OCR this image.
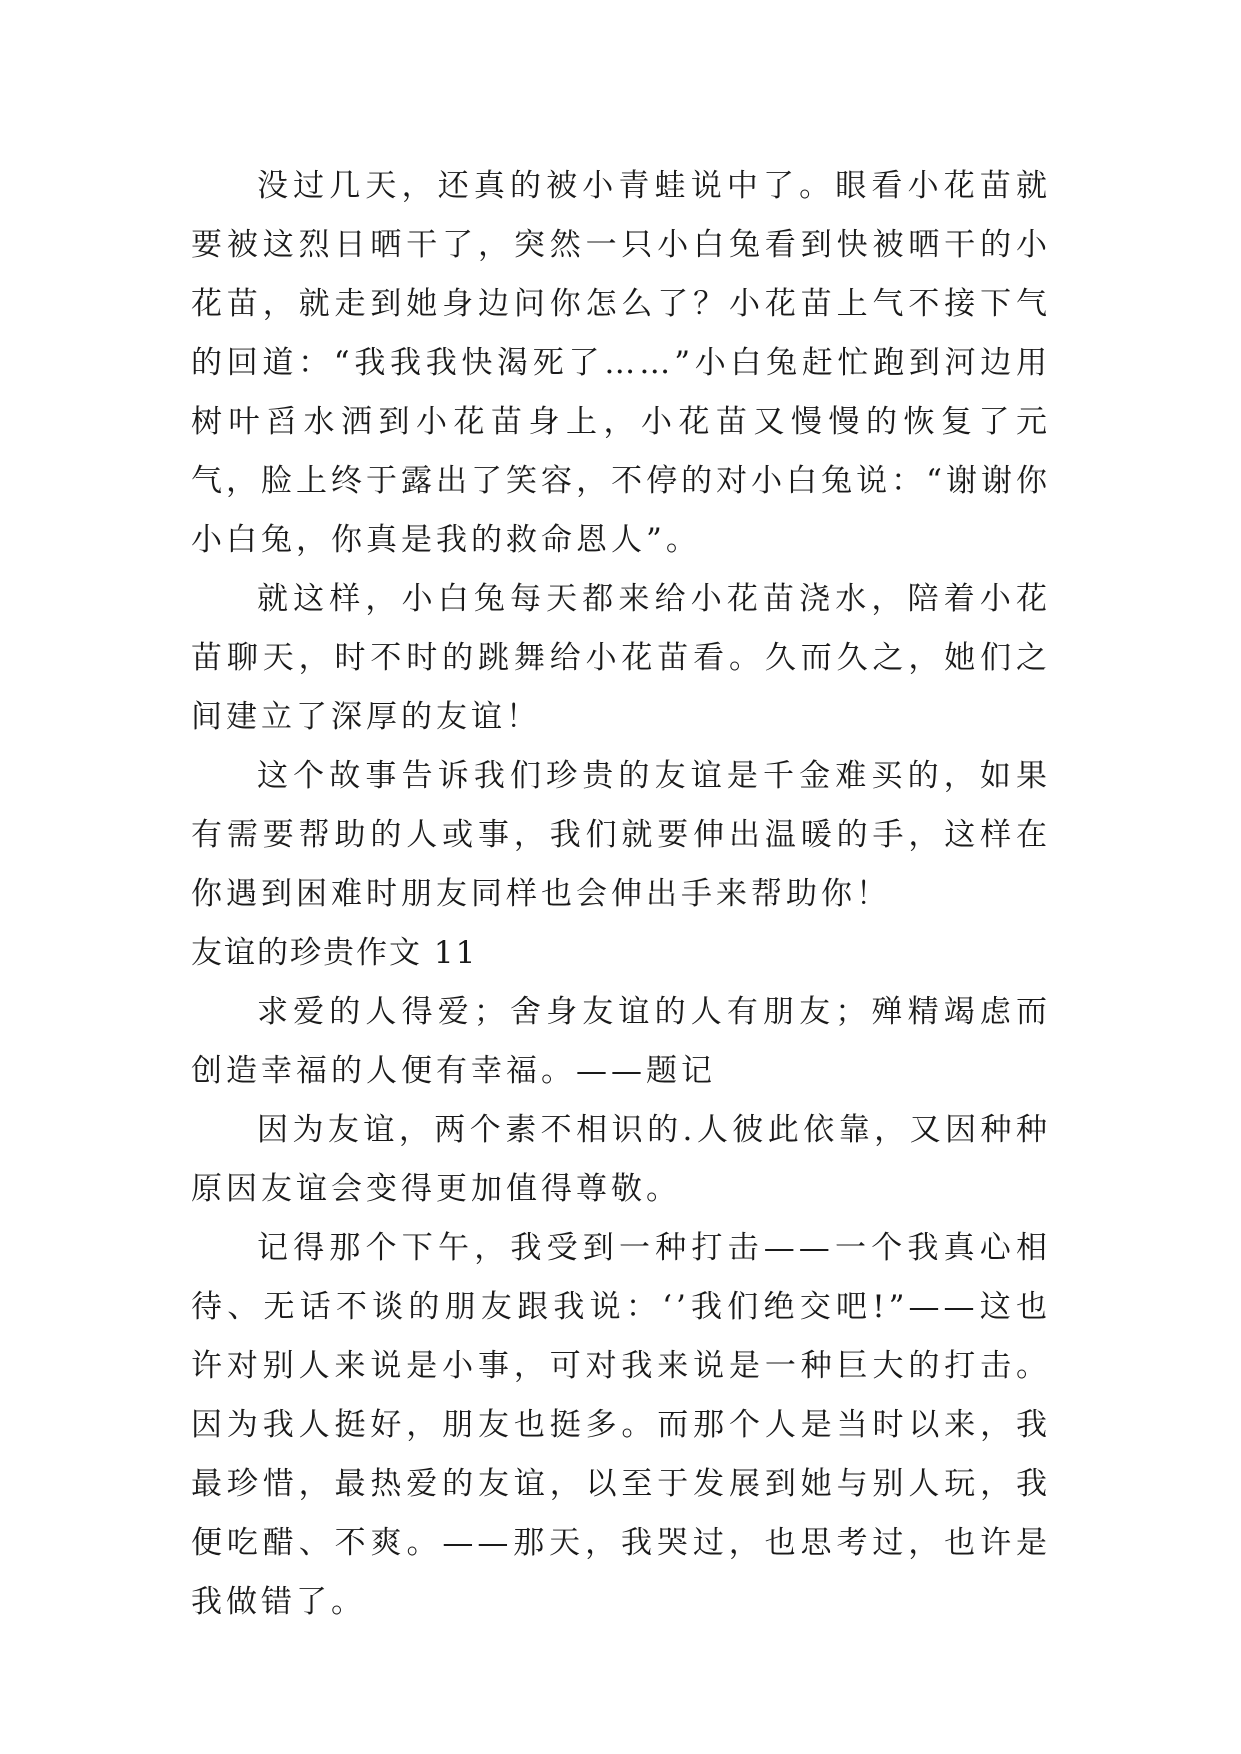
没过几天，还真的被小青蛙说中了。眼看小花苗就要被这烈日晒干了，突然一只小白兔看到快被晒干的小花苗，就走到她身边问你怎么了？小花苗上气不接下气的回道：“我我我快渴死了……”小白兔赶忙跑到河边用树叶舀水洒到小花苗身上，小花苗又慢慢的恢复了元气，脸上终于露出了笑容，不停的对小白兔说：“谢谢你小白兔，你真是我的救命恩人”。

就这样，小白兔每天都来给小花苗浇水，陪着小花苗聊天，时不时的跳舞给小花苗看。久而久之，她们之间建立了深厚的友谊！

这个故事告诉我们珍贵的友谊是千金难买的，如果有需要帮助的人或事，我们就要伸出温暖的手，这样在你遇到困难时朋友同样也会伸出手来帮助你！

友谊的珍贵作文 11

求爱的人得爱；舍身友谊的人有朋友；殚精竭虑而创造幸福的人便有幸福。——题记

因为友谊，两个素不相识的.人彼此依靠，又因种种原因友谊会变得更加值得尊敬。

记得那个下午，我受到一种打击——一个我真心相待、无话不谈的朋友跟我说：‘’我们绝交吧!”——这也许对别人来说是小事，可对我来说是一种巨大的打击。因为我人挺好，朋友也挺多。而那个人是当时以来，我最珍惜，最热爱的友谊，以至于发展到她与别人玩，我便吃醋、不爽。——那天，我哭过，也思考过，也许是我做错了。
